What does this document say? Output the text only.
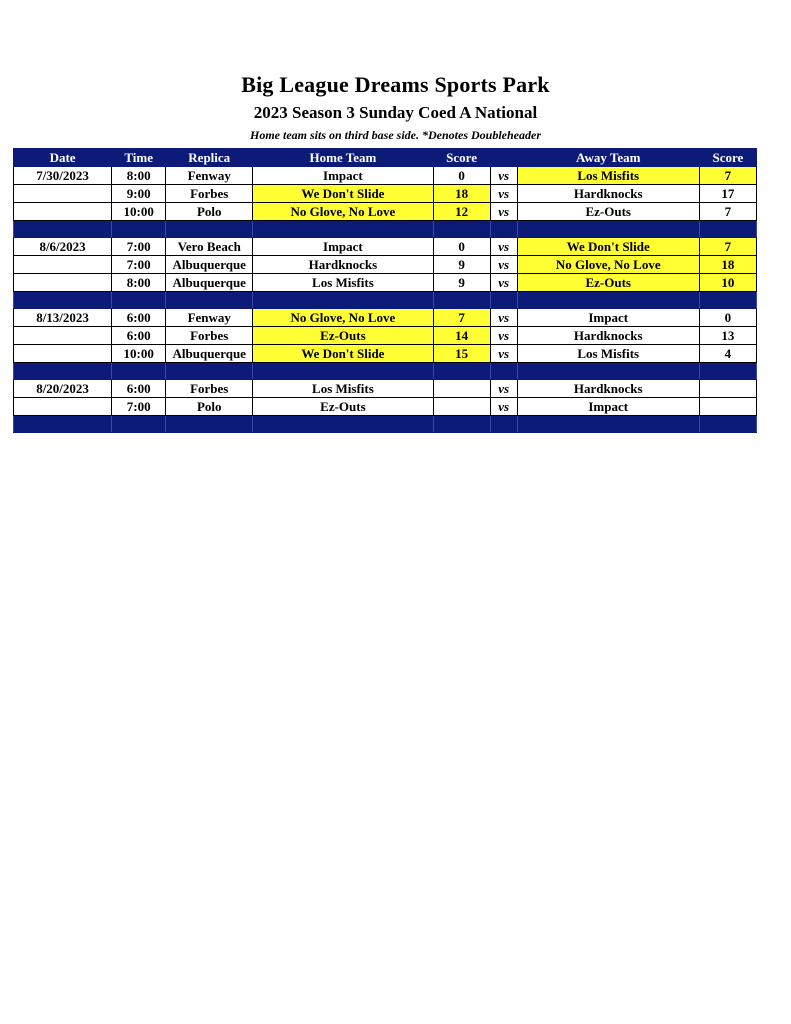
Big League Dreams Sports Park
2023 Season 3 Sunday Coed A National
Home team sits on third base side. *Denotes Doubleheader
Date	Time	Replica	Home Team	Score		Away Team	Score
7/30/2023	8:00	Fenway	Impact	0	vs	Los Misfits	7
	9:00	Forbes	We Don't Slide	18	vs	Hardknocks	17
	10:00	Polo	No Glove, No Love	12	vs	Ez-Outs	7

8/6/2023	7:00	Vero Beach	Impact	0	vs	We Don't Slide	7
	7:00	Albuquerque	Hardknocks	9	vs	No Glove, No Love	18
	8:00	Albuquerque	Los Misfits	9	vs	Ez-Outs	10

8/13/2023	6:00	Fenway	No Glove, No Love	7	vs	Impact	0
	6:00	Forbes	Ez-Outs	14	vs	Hardknocks	13
	10:00	Albuquerque	We Don't Slide	15	vs	Los Misfits	4

8/20/2023	6:00	Forbes	Los Misfits		vs	Hardknocks	
	7:00	Polo	Ez-Outs		vs	Impact	
